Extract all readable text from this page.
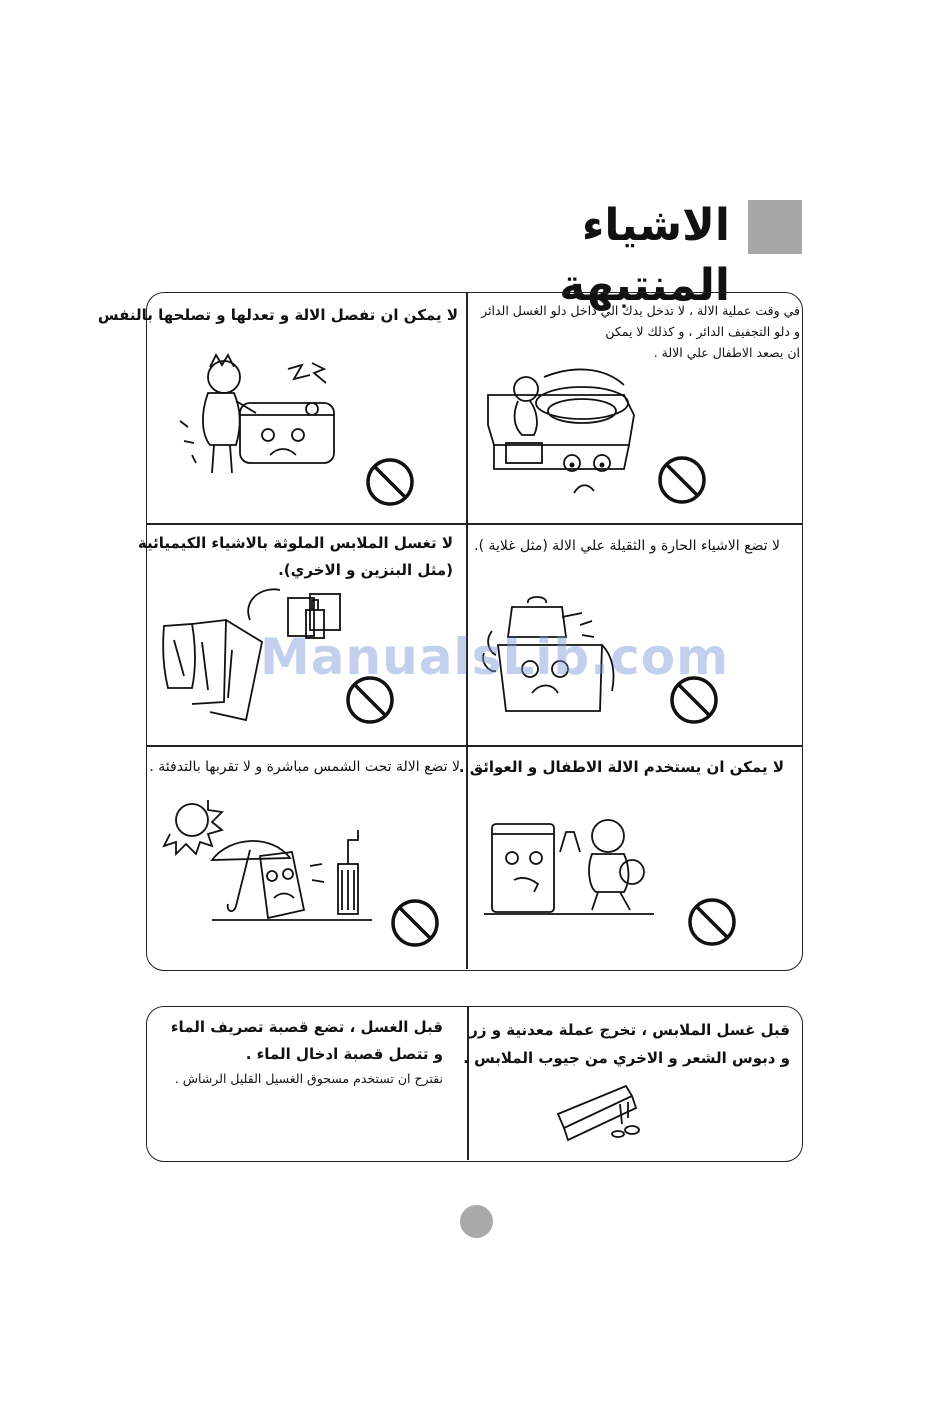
الاشياء المنتبهة
في وقت عملية الالة ، لا تدخل يدك الي داخل دلو الغسل الدائر
و دلو التجفيف الدائر ، و كذلك لا يمكن
ان يصعد الاطفال علي الالة .
لا يمكن ان تفصل الالة و تعدلها و تصلحها بالنفس
لا تضع الاشياء الحارة و الثقيلة علي الالة (مثل غلاية ).
لا تغسل الملابس الملوثة بالاشياء الكيميائية
(مثل البنزين و الاخري).
لا يمكن ان يستخدم الالة الاطفال و العوائق .
لا تضع الالة تحت الشمس مباشرة و لا تقربها بالتدفئة .
ManualsLib.com
قبل غسل الملابس ، تخرج عملة معدنية و زر
و دبوس الشعر و الاخري من جيوب الملابس .
قبل الغسل ، تضع قصبة تصريف الماء
و تتصل قصبة ادخال الماء .
نقترح ان تستخدم مسحوق الغسيل القليل الرشاش .
